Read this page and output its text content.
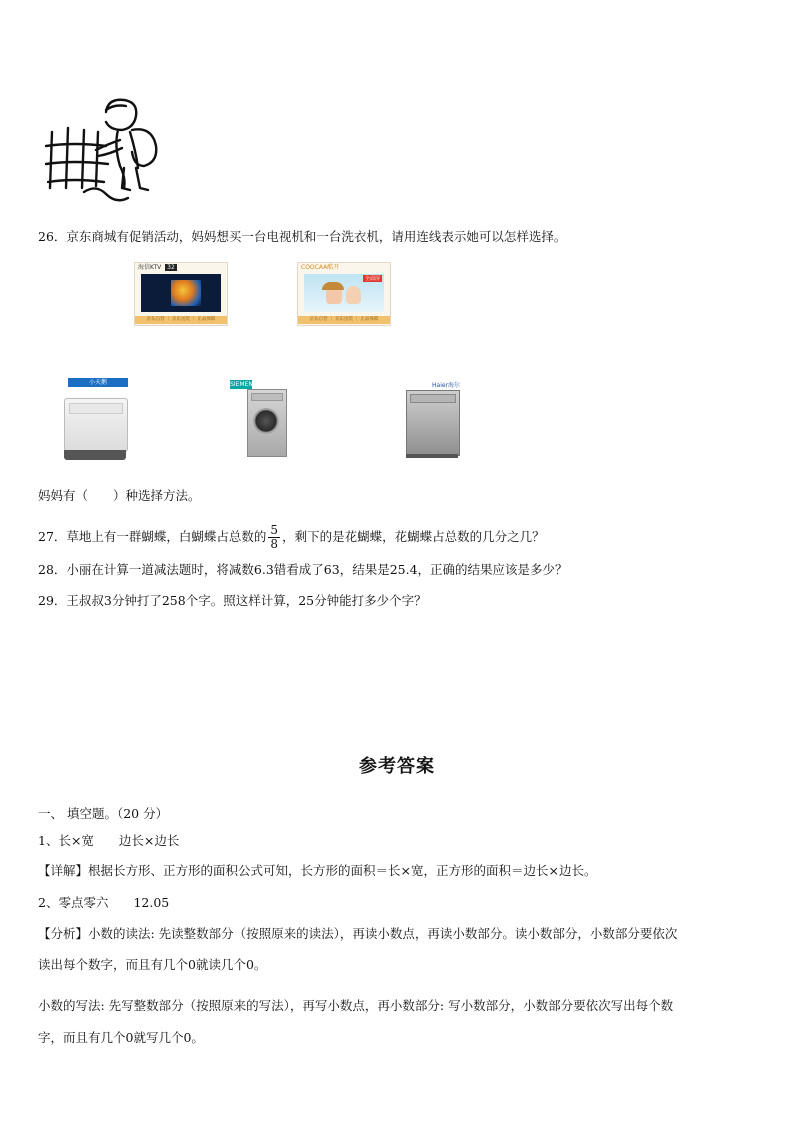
26．京东商城有促销活动，妈妈想买一台电视机和一台洗衣机，请用连线表示她可以怎样选择。
海信KTV 32
京东自营 ｜ 京东送装 ｜ 正品保障
COOCAA酷开
全面屏
京东自营 ｜ 京东送装 ｜ 正品保障
小天鹅	SIEMENS	Haier海尔
妈妈有（　　）种选择方法。
27．草地上有一群蝴蝶，白蝴蝶占总数的 $\frac{5}{8}$ ，剩下的是花蝴蝶，花蝴蝶占总数的几分之几？
28．小丽在计算一道减法题时，将减数6.3错看成了63，结果是25.4，正确的结果应该是多少？
29．王叔叔3分钟打了258个字。照这样计算，25分钟能打多少个字？
参考答案
一、 填空题。（20 分）
1、长×宽　　边长×边长
【详解】根据长方形、正方形的面积公式可知，长方形的面积＝长×宽，正方形的面积＝边长×边长。
2、零点零六　　12.05
【分析】小数的读法: 先读整数部分（按照原来的读法），再读小数点，再读小数部分。读小数部分，小数部分要依次
读出每个数字，而且有几个0就读几个0。
小数的写法: 先写整数部分（按照原来的写法），再写小数点，再小数部分: 写小数部分，小数部分要依次写出每个数
字，而且有几个0就写几个0。
